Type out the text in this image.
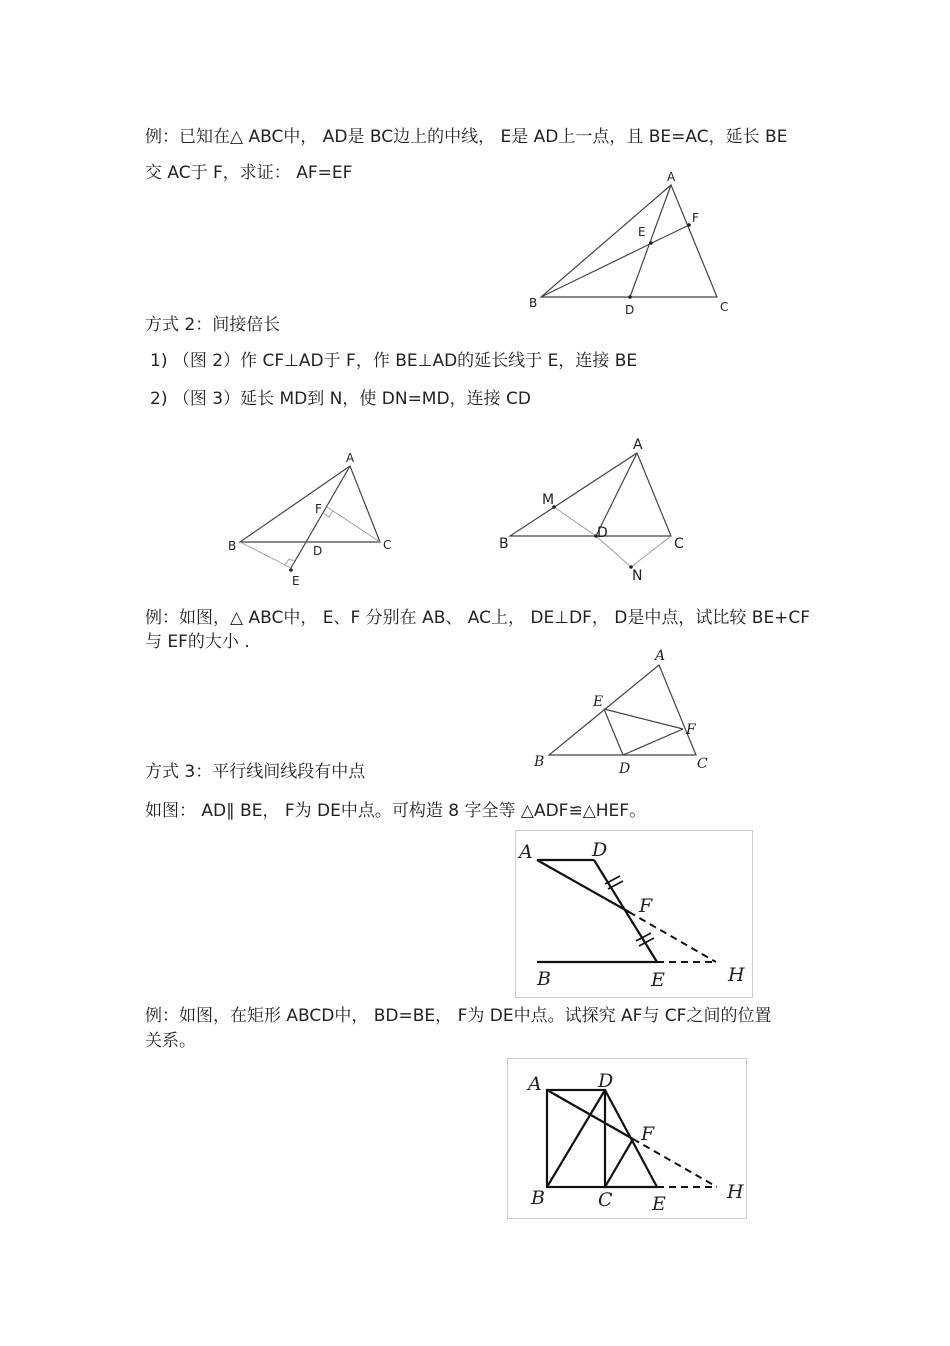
例：已知在△ ABC中， AD是 BC边上的中线， E是 AD上一点，且 BE=AC，延长 BE
交 AC于 F，求证： AF=EF
方式 2：间接倍长
1) （图 2）作 CF⊥AD于 F，作 BE⊥AD的延长线于 E，连接 BE
2) （图 3）延长 MD到 N，使 DN=MD，连接 CD
例：如图，△ ABC中， E、F 分别在 AB、 AC上， DE⊥DF， D是中点，试比较 BE+CF
与 EF的大小 .
方式 3：平行线间线段有中点
如图： AD∥ BE， F为 DE中点。可构造 8 字全等 △ADF≌△HEF。
例：如图，在矩形 ABCD中， BD=BE， F为 DE中点。试探究 AF与 CF之间的位置
关系。
A
B	C
D
E
F
A
B	C
D
E
F
A
B	C
D
M
N
A
B	C
D
E
F
A
B
D
E
F
H
A
B	C
D
E
F
H
